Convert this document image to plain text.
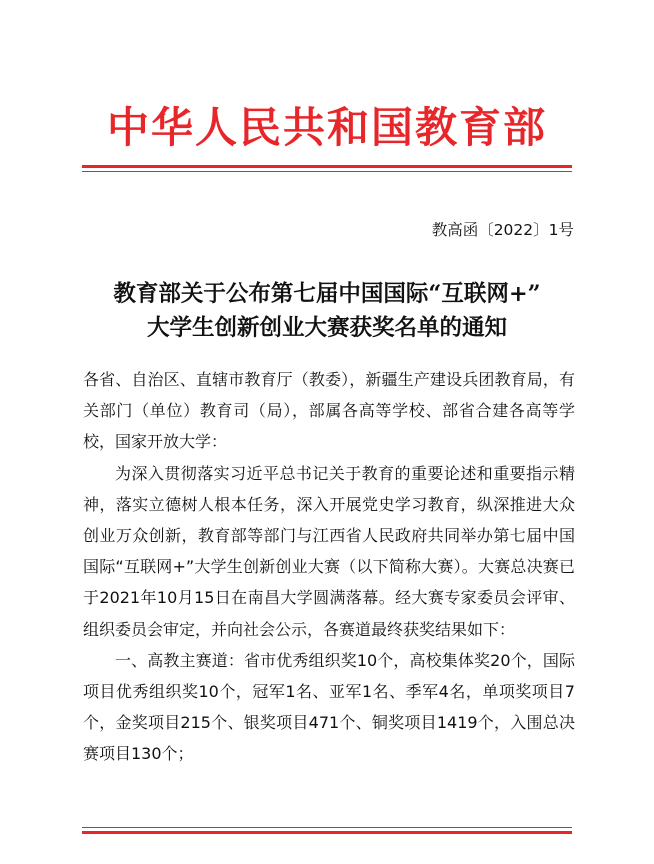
中华人民共和国教育部
教高函〔2022〕1号
教育部关于公布第七届中国国际“互联网+”
大学生创新创业大赛获奖名单的通知

各省、自治区、直辖市教育厅（教委），新疆生产建设兵团教育局，有关部门（单位）教育司（局），部属各高等学校、部省合建各高等学校，国家开放大学：

为深入贯彻落实习近平总书记关于教育的重要论述和重要指示精神，落实立德树人根本任务，深入开展党史学习教育，纵深推进大众创业万众创新，教育部等部门与江西省人民政府共同举办第七届中国国际“互联网+”大学生创新创业大赛（以下简称大赛）。大赛总决赛已于2021年10月15日在南昌大学圆满落幕。经大赛专家委员会评审、组织委员会审定，并向社会公示，各赛道最终获奖结果如下：

一、高教主赛道：省市优秀组织奖10个，高校集体奖20个，国际项目优秀组织奖10个，冠军1名、亚军1名、季军4名，单项奖项目7个，金奖项目215个、银奖项目471个、铜奖项目1419个，入围总决赛项目130个；
